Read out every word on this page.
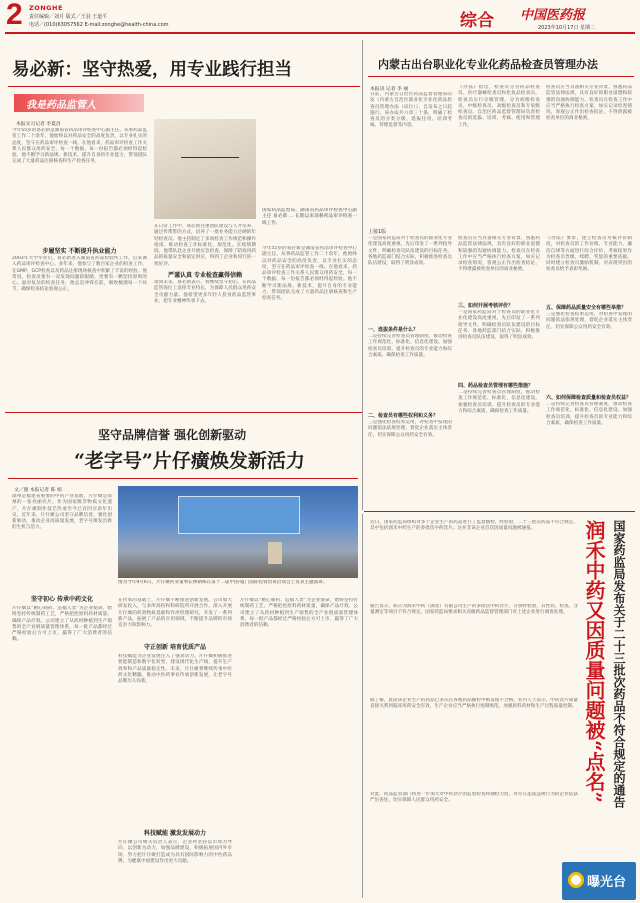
2 ZONGHE
责任编辑／刘月 版式／王羽 王道平
电话／(010)63057562 E-mail:zonghe@health-china.com	综合 中国医药报
2023年10月17日 星期二
易必新：坚守热爱，用专业践行担当
我是药品监管人
本报实习记者 李夏昌
国家药品监督局、湖南省药品审评检查中心副主任 易必新 ... 长期以来深耕药品审评检查一线工作。
今年55岁的易必新是湖南省药品审评检查中心副主任。从事药品监管工作二十余年，他始终以对药品安全的高度负责，以专业扎实的态度，坚守在药品审评检查一线。在他看来，药品审评检查工作关系人民群众用药安全，每一个数据、每一份报告都必须经得起检验。他不断学习新法规、新技术，提升自身的专业能力，带领团队完成了大量药品注册核查和生产检查任务。
步履坚实 不断提升执业能力
2003年大学毕业后，易必新进入湖南省药品检验所工作，后来调入药品审评检查中心。多年来，他参与了数百家企业的检查工作，在GMP、GCP检查以及药品注册现场核查中积累了丰富的经验。他常说，检查员要有一双发现问题的眼睛，更要有一颗坚持原则的心。面对复杂的检查任务，他总是冲锋在前，细致梳理每一个环节，确保检查结论客观公正。
在日常工作中，易必新注重团队建设与人才培养，通过传帮带的方式，培养了一批业务能力过硬的年轻检查员。他主持制定了多项检查工作规范和操作指南，推动检查工作标准化、规范化。在疫情期间，他带队赴企业开展应急检查，保障了防疫用药品的质量安全和稳定供应，得到了企业和同行的一致好评。
严谨认真 专业检查赢得信赖
谈到未来，易必新表示，将继续坚守初心，在药品监管岗位上发挥专业特长，为保障人民群众用药安全贡献力量。他希望更多年轻人投身药品监管事业，把专业精神传承下去。
今年55岁的易必新是湖南省药品审评检查中心副主任。从事药品监管工作二十余年，他始终以对药品安全的高度负责，以专业扎实的态度，坚守在药品审评检查一线。在他看来，药品审评检查工作关系人民群众用药安全，每一个数据、每一份报告都必须经得起检验。他不断学习新法规、新技术，提升自身的专业能力，带领团队完成了大量药品注册核查和生产检查任务。
内蒙古出台职业化专业化药品检查员管理办法
本报讯 记者 李 丽
日前，内蒙古自治区药品监督管理局印发《内蒙古自治区职业化专业化药品检查员管理办法（试行）》，自发布之日起施行。该办法共六章三十条，明确了检查员的分类分级、选拔任用、培训考核、管理监督等内容。
《办法》指出，检查员分为药品检查员、医疗器械检查员和化妆品检查员。检查员实行分级管理，分为初级检查员、中级检查员、高级检查员和专家级检查员。自治区药品监督管理局负责检查员的选拔、培训、考核、使用和管理工作。
检查员应当具备相关专业背景，熟悉药品监管法律法规，具有良好的职业道德和较强的沟通协调能力。检查员在检查工作中应当严格执行检查方案，如实记录检查情况，客观公正作出检查结论，不得泄露被检查单位的商业秘密。
上接1版
一是国家药监局对于检查员的职业化专业化建设高度重视，先后印发了一系列指导文件，明确检查员队伍建设的目标任务。各地药监部门结合实际，积极推进检查员队伍建设，取得了明显成效。
一、选拔条件是什么？
二是持续完善检查员管理制度，推动检查工作规范化、标准化、信息化建设。加强检查员培训，提升检查员的专业能力和综合素质，确保检查工作质量。
二、检查员有哪些权利和义务？
三是强化检查结果运用，对检查中发现的问题依法依规处理，督促企业落实主体责任，切实保障公众用药安全有效。
检查员应当具备相关专业背景，熟悉药品监管法律法规，具有良好的职业道德和较强的沟通协调能力。检查员在检查工作中应当严格执行检查方案，如实记录检查情况，客观公正作出检查结论，不得泄露被检查单位的商业秘密。
三、如何开展考核评价？
一是国家药监局对于检查员的职业化专业化建设高度重视，先后印发了一系列指导文件，明确检查员队伍建设的目标任务。各地药监部门结合实际，积极推进检查员队伍建设，取得了明显成效。
四、药品检查员管理有哪些措施？
二是持续完善检查员管理制度，推动检查工作规范化、标准化、信息化建设。加强检查员培训，提升检查员的专业能力和综合素质，确保检查工作质量。
《办法》要求，建立检查员考核评价制度，对检查员的工作业绩、专业能力、廉洁自律等方面进行综合评价，考核结果作为检查员晋级、续聘、奖惩的重要依据。同时建立检查员激励机制，对表现突出的检查员给予表彰奖励。
五、保障药品质量安全有哪些举措？
三是强化检查结果运用，对检查中发现的问题依法依规处理，督促企业落实主体责任，切实保障公众用药安全有效。
六、如何保障检查质量和检查员权益？
二是持续完善检查员管理制度，推动检查工作规范化、标准化、信息化建设。加强检查员培训，提升检查员的专业能力和综合素质，确保检查工作质量。
坚守品牌信誉 强化创新驱动
“老字号”片仔癀焕发新活力
文／图 本报记者 陈 娟
漳州是福建省重要的中药产业基地，片仔癀是漳州的一张亮丽名片。作为国家级非物质文化遗产，片仔癀制作技艺传承至今已有四百余年历史。近年来，片仔癀公司坚守品牌信誉，强化创新驱动，推动企业高质量发展，老字号焕发出新的生机与活力。
坚守初心 传承中药文化
片仔癀以“精心制药、造福人类”为企业使命，始终坚持传统制药工艺，严格把控原料药材质量，确保产品疗效。公司建立了从药材种植到生产销售的全产业链质量管理体系，每一批产品都经过严格检验后方可上市，赢得了广大消费者的信赖。
图为今年9月6日，片仔癀药业董事长林朝晖在第十二届中国·厦门国际投资贸易洽谈会上发表主题演讲。
在传承的基础上，片仔癀不断推进创新发展。公司加大研发投入，与多所高校和科研院所开展合作，深入开展片仔癀的药效物质基础和作用机理研究，开发了一系列新产品，拓展了产品的应用领域，不断提升品牌的市场竞争力和影响力。
守正创新 培育优质产品
科技赋能为企业发展注入了强劲动力。片仔癀积极推进智能制造和数字化转型，建设现代化生产线，提升生产效率和产品质量稳定性。未来，片仔癀将继续传承中医药文化精髓，推动中医药事业传承创新发展，让老字号品牌历久弥新。
科技赋能 激发发展动力
片仔癀公司相关负责人表示，企业将坚持以市场为导向，以创新为动力，加强品牌建设，积极拓展国内外市场，努力把片仔癀打造成为具有国际影响力的中医药品牌，为健康中国建设作出更大贡献。
片仔癀以“精心制药、造福人类”为企业使命，始终坚持传统制药工艺，严格把控原料药材质量，确保产品疗效。公司建立了从药材种植到生产销售的全产业链质量管理体系，每一批产品都经过严格检验后方可上市，赢得了广大消费者的信赖。	国家药监局发布关于二十三批次药品不符合规定的通告
润禾中药又因质量问题被“点名”
近日，国家药监局组织对多个企业生产的药品进行了监督抽检，经检验，二十三批次药品不符合规定。其中包括润禾中药生产的多批次中药饮片。这并非该企业首次因质量问题被通报。
通告显示，标示为润禾中药（湖北）有限公司生产的多批次中药饮片，分别经检验，其性状、检查、含量测定等项目不符合规定。国家药监局要求相关省级药品监督管理部门对上述企业进行调查处理。
据了解，此前该企业生产的药品已多次在各地药品抽检中被发现不合格。业内人士表示，中药饮片质量直接关系到临床用药安全有效，生产企业应当严格执行炮制规范，加强原料药材和生产过程质量控制。
对此，药品监管部门将进一步加大对中药饮片的监督检查和抽检力度，对存在违法违规行为的企业依法严厉查处，切实保障人民群众用药安全。
曝光台
